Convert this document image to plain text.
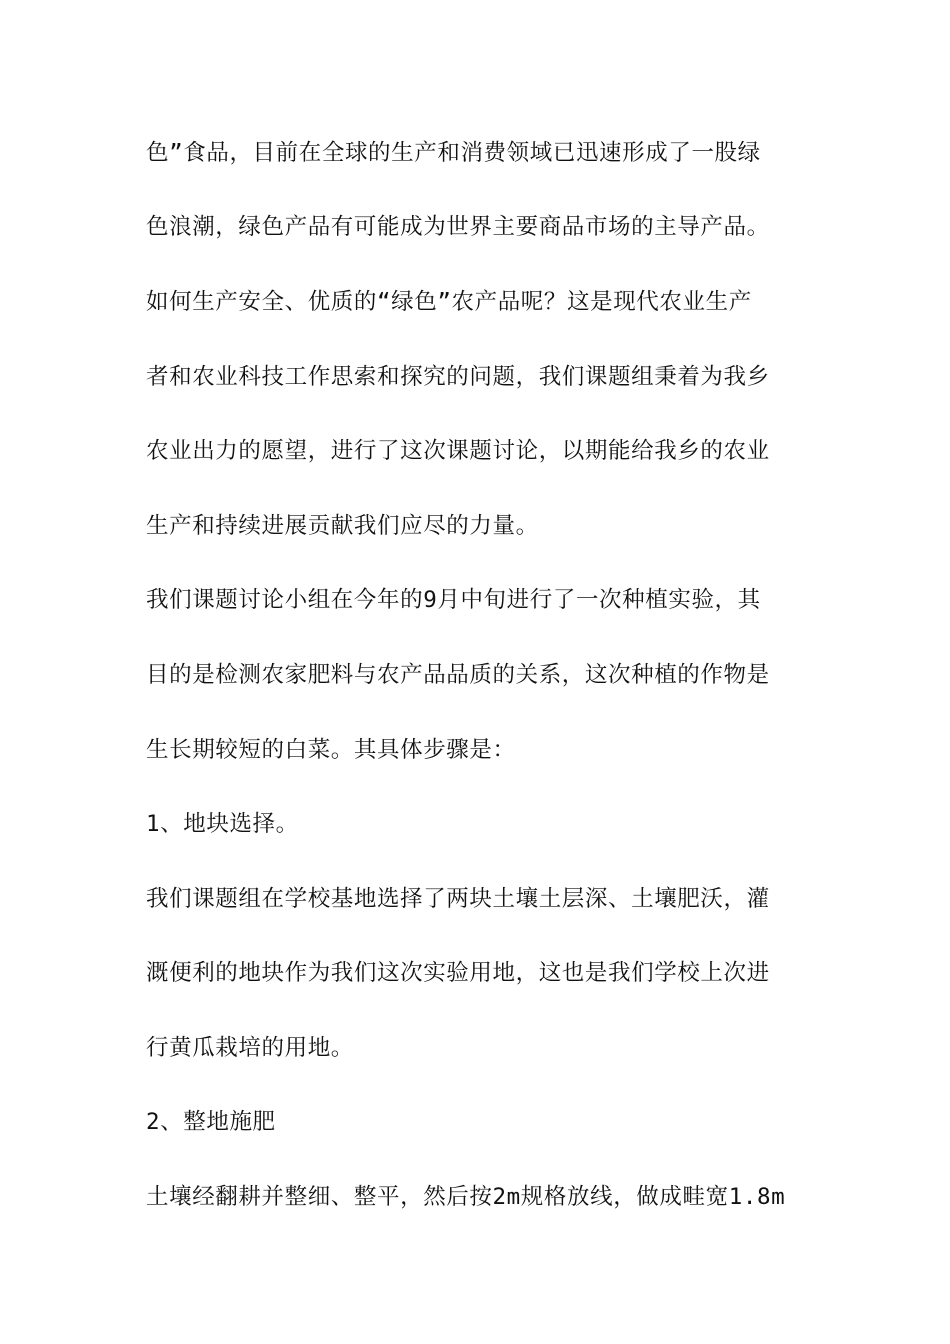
色”食品，目前在全球的生产和消费领域已迅速形成了一股绿
色浪潮，绿色产品有可能成为世界主要商品市场的主导产品。
如何生产安全、优质的“绿色”农产品呢？这是现代农业生产
者和农业科技工作思索和探究的问题，我们课题组秉着为我乡
农业出力的愿望，进行了这次课题讨论，以期能给我乡的农业
生产和持续进展贡献我们应尽的力量。
我们课题讨论小组在今年的9月中旬进行了一次种植实验，其
目的是检测农家肥料与农产品品质的关系，这次种植的作物是
生长期较短的白菜。其具体步骤是：
1、地块选择。
我们课题组在学校基地选择了两块土壤土层深、土壤肥沃，灌
溉便利的地块作为我们这次实验用地，这也是我们学校上次进
行黄瓜栽培的用地。
2、整地施肥
土壤经翻耕并整细、整平，然后按2m规格放线，做成畦宽1.8m
